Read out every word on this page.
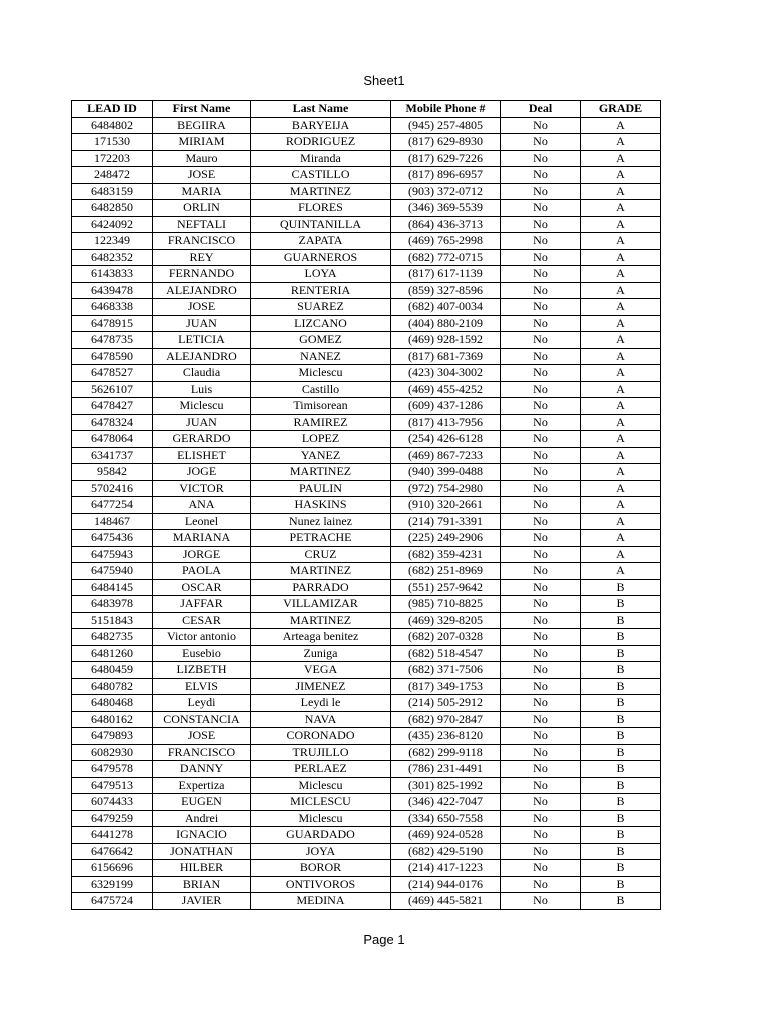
Sheet1
LEAD ID	First Name	Last Name	Mobile Phone #	Deal	GRADE
6484802	BEGIIRA	BARYEIJA	(945) 257-4805	No	A
171530	MIRIAM	RODRIGUEZ	(817) 629-8930	No	A
172203	Mauro	Miranda	(817) 629-7226	No	A
248472	JOSE	CASTILLO	(817) 896-6957	No	A
6483159	MARIA	MARTINEZ	(903) 372-0712	No	A
6482850	ORLIN	FLORES	(346) 369-5539	No	A
6424092	NEFTALI	QUINTANILLA	(864) 436-3713	No	A
122349	FRANCISCO	ZAPATA	(469) 765-2998	No	A
6482352	REY	GUARNEROS	(682) 772-0715	No	A
6143833	FERNANDO	LOYA	(817) 617-1139	No	A
6439478	ALEJANDRO	RENTERIA	(859) 327-8596	No	A
6468338	JOSE	SUAREZ	(682) 407-0034	No	A
6478915	JUAN	LIZCANO	(404) 880-2109	No	A
6478735	LETICIA	GOMEZ	(469) 928-1592	No	A
6478590	ALEJANDRO	NANEZ	(817) 681-7369	No	A
6478527	Claudia	Miclescu	(423) 304-3002	No	A
5626107	Luis	Castillo	(469) 455-4252	No	A
6478427	Miclescu	Timisorean	(609) 437-1286	No	A
6478324	JUAN	RAMIREZ	(817) 413-7956	No	A
6478064	GERARDO	LOPEZ	(254) 426-6128	No	A
6341737	ELISHET	YANEZ	(469) 867-7233	No	A
95842	JOGE	MARTINEZ	(940) 399-0488	No	A
5702416	VICTOR	PAULIN	(972) 754-2980	No	A
6477254	ANA	HASKINS	(910) 320-2661	No	A
148467	Leonel	Nunez lainez	(214) 791-3391	No	A
6475436	MARIANA	PETRACHE	(225) 249-2906	No	A
6475943	JORGE	CRUZ	(682) 359-4231	No	A
6475940	PAOLA	MARTINEZ	(682) 251-8969	No	A
6484145	OSCAR	PARRADO	(551) 257-9642	No	B
6483978	JAFFAR	VILLAMIZAR	(985) 710-8825	No	B
5151843	CESAR	MARTINEZ	(469) 329-8205	No	B
6482735	Victor antonio	Arteaga benitez	(682) 207-0328	No	B
6481260	Eusebio	Zuniga	(682) 518-4547	No	B
6480459	LIZBETH	VEGA	(682) 371-7506	No	B
6480782	ELVIS	JIMENEZ	(817) 349-1753	No	B
6480468	Leydi	Leydi le	(214) 505-2912	No	B
6480162	CONSTANCIA	NAVA	(682) 970-2847	No	B
6479893	JOSE	CORONADO	(435) 236-8120	No	B
6082930	FRANCISCO	TRUJILLO	(682) 299-9118	No	B
6479578	DANNY	PERLAEZ	(786) 231-4491	No	B
6479513	Expertiza	Miclescu	(301) 825-1992	No	B
6074433	EUGEN	MICLESCU	(346) 422-7047	No	B
6479259	Andrei	Miclescu	(334) 650-7558	No	B
6441278	IGNACIO	GUARDADO	(469) 924-0528	No	B
6476642	JONATHAN	JOYA	(682) 429-5190	No	B
6156696	HILBER	BOROR	(214) 417-1223	No	B
6329199	BRIAN	ONTIVOROS	(214) 944-0176	No	B
6475724	JAVIER	MEDINA	(469) 445-5821	No	B
Page 1
